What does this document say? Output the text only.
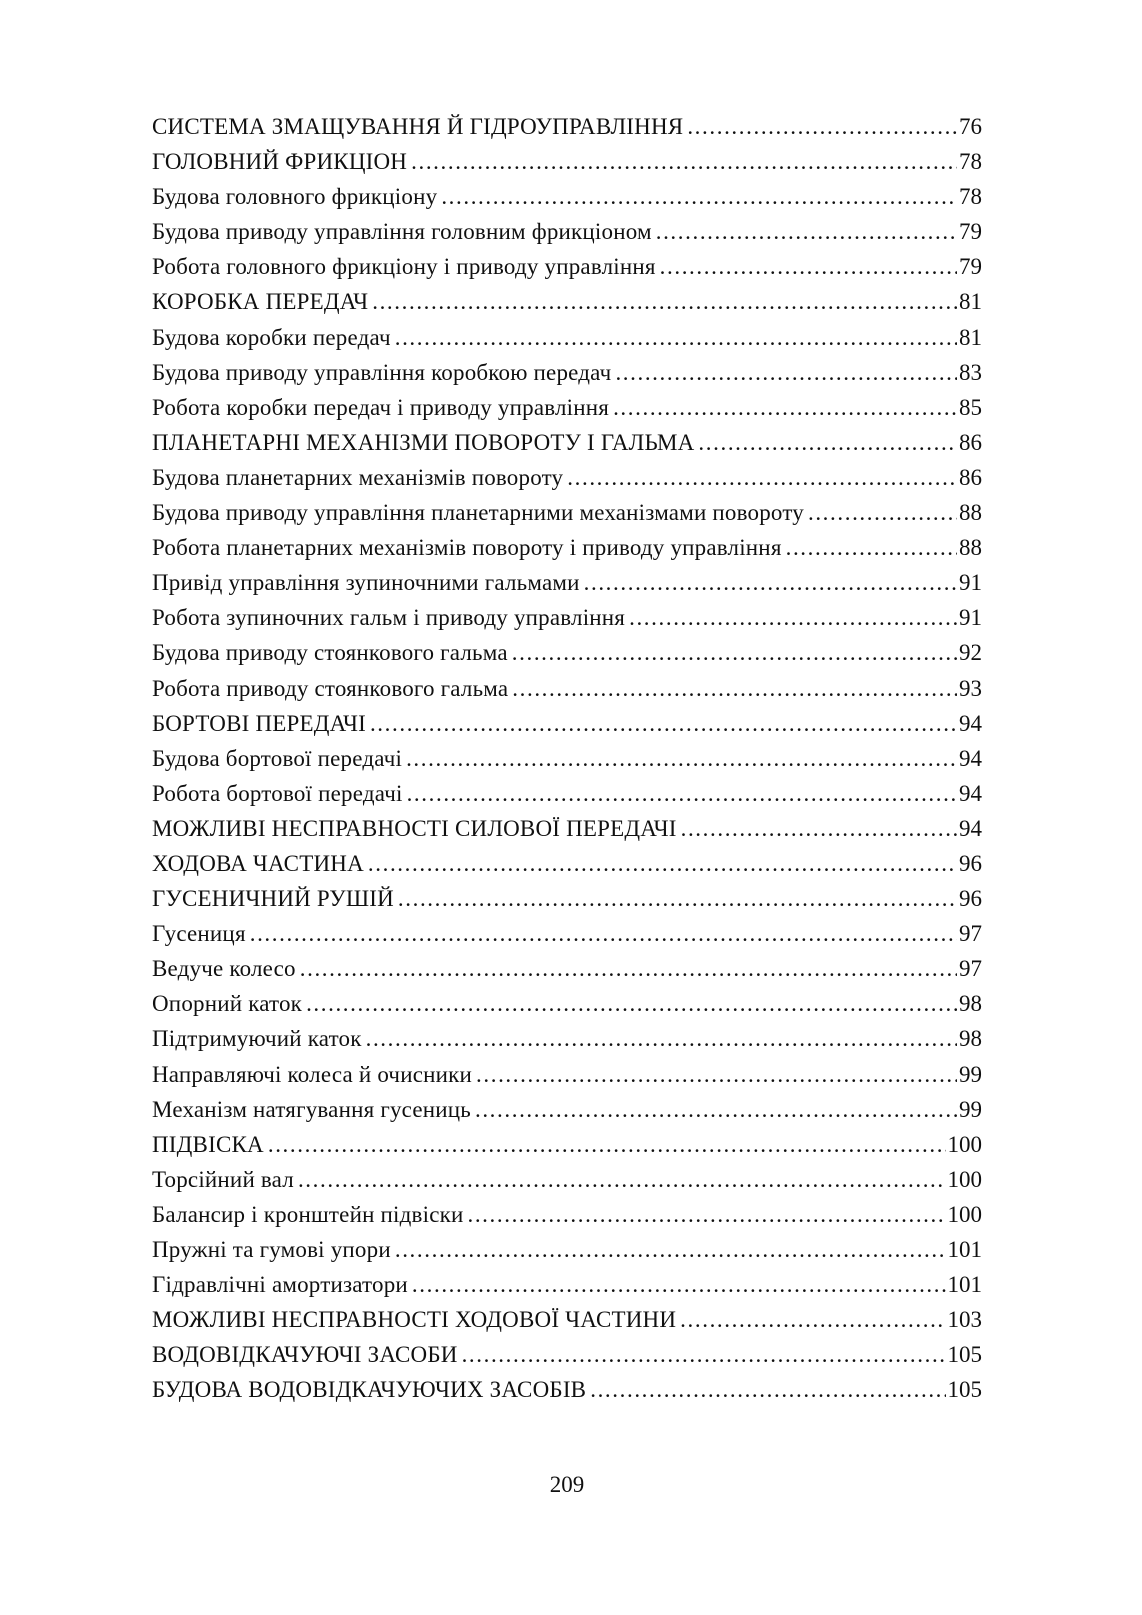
СИСТЕМА ЗМАЩУВАННЯ Й ГІДРОУПРАВЛІННЯ .....	76
ГОЛОВНИЙ ФРИКЦІОН .....	78
Будова головного фрикціону .....	78
Будова приводу управління головним фрикціоном .....	79
Робота головного фрикціону і приводу управління .....	79
КОРОБКА ПЕРЕДАЧ .....	81
Будова коробки передач .....	81
Будова приводу управління коробкою передач .....	83
Робота коробки передач і приводу управління .....	85
ПЛАНЕТАРНІ МЕХАНІЗМИ ПОВОРОТУ І ГАЛЬМА .....	86
Будова планетарних механізмів повороту .....	86
Будова приводу управління планетарними механізмами повороту .....	88
Робота планетарних механізмів повороту і приводу управління .....	88
Привід управління зупиночними гальмами .....	91
Робота зупиночних гальм і приводу управління .....	91
Будова приводу стоянкового гальма .....	92
Робота приводу стоянкового гальма .....	93
БОРТОВІ ПЕРЕДАЧІ .....	94
Будова бортової передачі .....	94
Робота бортової передачі .....	94
МОЖЛИВІ НЕСПРАВНОСТІ СИЛОВОЇ ПЕРЕДАЧІ .....	94
ХОДОВА ЧАСТИНА .....	96
ГУСЕНИЧНИЙ РУШІЙ .....	96
Гусениця .....	97
Ведуче колесо .....	97
Опорний каток .....	98
Підтримуючий каток .....	98
Направляючі колеса й очисники .....	99
Механізм натягування гусениць .....	99
ПІДВІСКА .....	100
Торсійний вал .....	100
Балансир і кронштейн підвіски .....	100
Пружні та гумові упори .....	101
Гідравлічні амортизатори .....	101
МОЖЛИВІ НЕСПРАВНОСТІ ХОДОВОЇ ЧАСТИНИ .....	103
ВОДОВІДКАЧУЮЧІ ЗАСОБИ .....	105
БУДОВА ВОДОВІДКАЧУЮЧИХ ЗАСОБІВ .....	105
209
